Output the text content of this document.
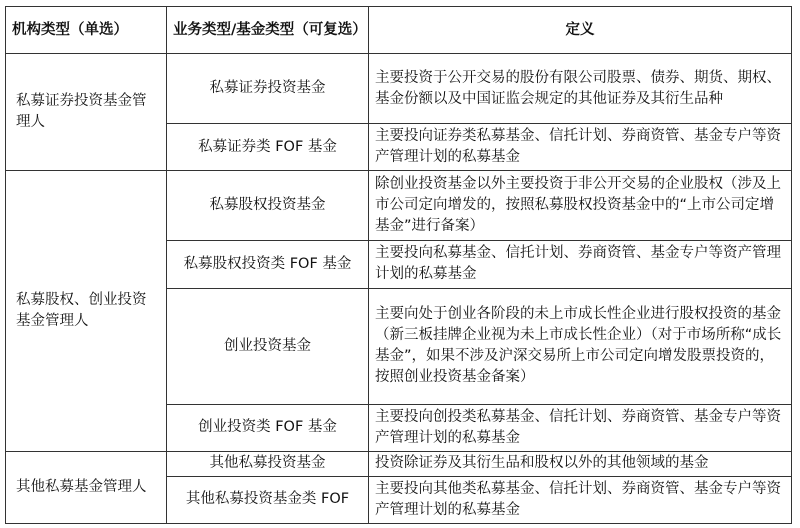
机构类型（单选）	业务类型/基金类型（可复选）	定义
私募证券投资基金管理人	私募证券投资基金	主要投资于公开交易的股份有限公司股票、债券、期货、期权、基金份额以及中国证监会规定的其他证券及其衍生品种
	私募证券类 FOF 基金	主要投向证券类私募基金、信托计划、券商资管、基金专户等资产管理计划的私募基金
私募股权、创业投资基金管理人	私募股权投资基金	除创业投资基金以外主要投资于非公开交易的企业股权（涉及上市公司定向增发的，按照私募股权投资基金中的“上市公司定增基金”进行备案）
	私募股权投资类 FOF 基金	主要投向私募基金、信托计划、券商资管、基金专户等资产管理计划的私募基金
	创业投资基金	主要向处于创业各阶段的未上市成长性企业进行股权投资的基金（新三板挂牌企业视为未上市成长性企业）（对于市场所称“成长基金”，如果不涉及沪深交易所上市公司定向增发股票投资的，按照创业投资基金备案）
	创业投资类 FOF 基金	主要投向创投类私募基金、信托计划、券商资管、基金专户等资产管理计划的私募基金
其他私募基金管理人	其他私募投资基金	投资除证券及其衍生品和股权以外的其他领域的基金
	其他私募投资基金类 FOF	主要投向其他类私募基金、信托计划、券商资管、基金专户等资产管理计划的私募基金
